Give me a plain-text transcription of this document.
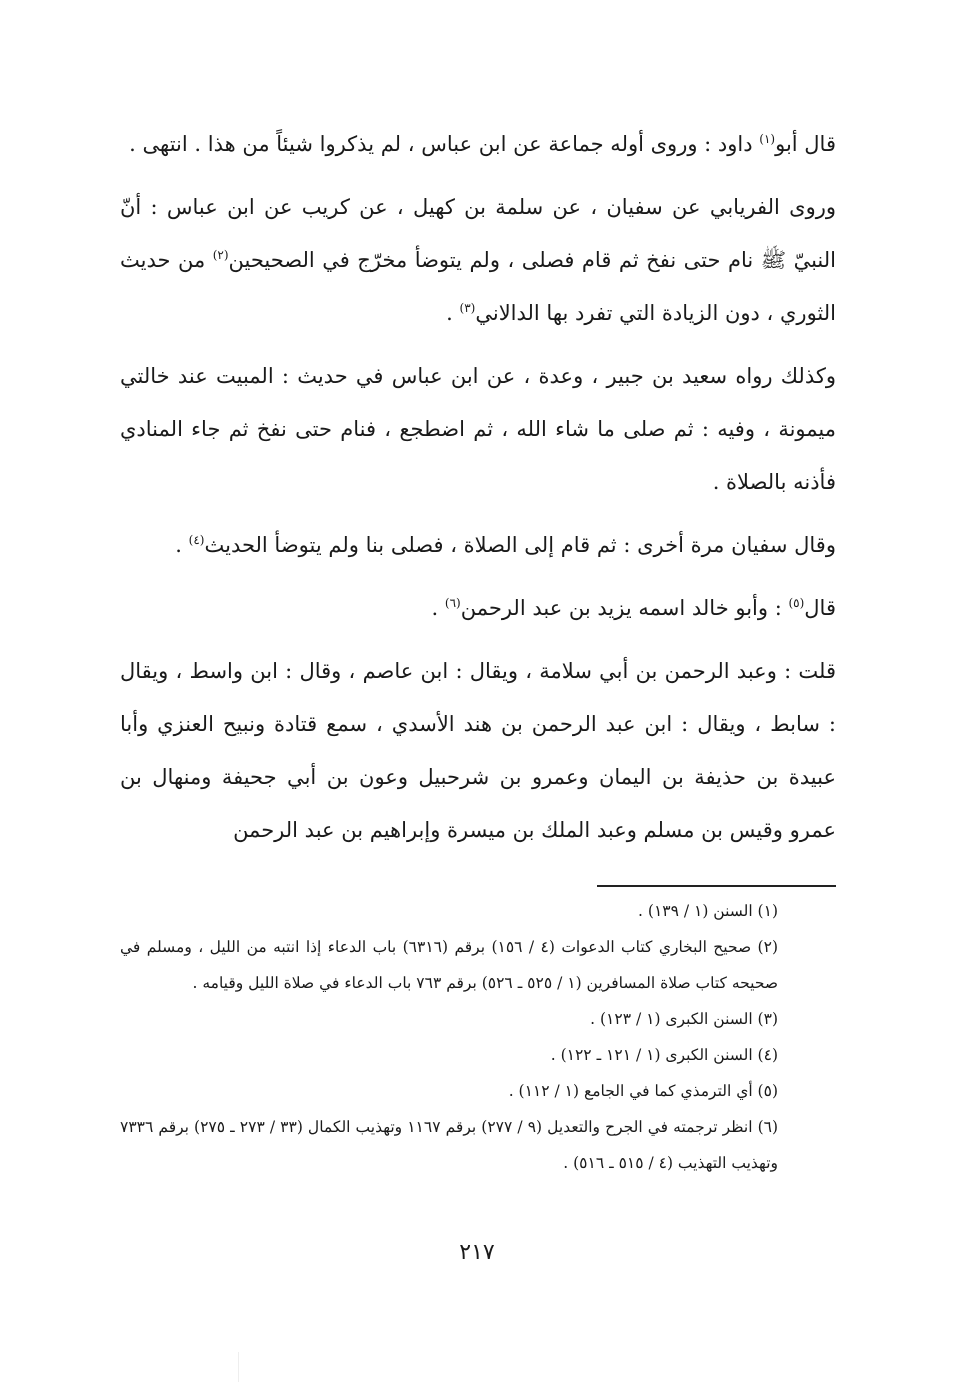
قال أبو$^{(١)}$ داود : وروى أوله جماعة عن ابن عباس ، لم يذكروا شيئاً من هذا . انتهى .

وروى الفريابي عن سفيان ، عن سلمة بن كهيل ، عن كريب عن ابن عباس : أنّ النبيّ ﷺ نام حتى نفخ ثم قام فصلى ، ولم يتوضأ مخرّج في الصحيحين$^{(٢)}$ من حديث الثوري ، دون الزيادة التي تفرد بها الدالاني$^{(٣)}$ .

وكذلك رواه سعيد بن جبير ، وعدة ، عن ابن عباس في حديث : المبيت عند خالتي ميمونة ، وفيه : ثم صلى ما شاء الله ، ثم اضطجع ، فنام حتى نفخ ثم جاء المنادي فأذنه بالصلاة .

وقال سفيان مرة أخرى : ثم قام إلى الصلاة ، فصلى بنا ولم يتوضأ الحديث$^{(٤)}$ .

قال$^{(٥)}$ : وأبو خالد اسمه يزيد بن عبد الرحمن$^{(٦)}$ .

قلت : وعبد الرحمن بن أبي سلامة ، ويقال : ابن عاصم ، وقال : ابن واسط ، ويقال : سابط ، ويقال : ابن عبد الرحمن بن هند الأسدي ، سمع قتادة ونبيح العنزي وأبا عبيدة بن حذيفة بن اليمان وعمرو بن شرحبيل وعون بن أبي جحيفة ومنهال بن عمرو وقيس بن مسلم وعبد الملك بن ميسرة وإبراهيم بن عبد الرحمن

(١) السنن (١ / ١٣٩) .

(٢) صحيح البخاري كتاب الدعوات (٤ / ١٥٦) برقم (٦٣١٦) باب الدعاء إذا انتبه من الليل ، ومسلم في صحيحه كتاب صلاة المسافرين (١ / ٥٢٥ ـ ٥٢٦) برقم ٧٦٣ باب الدعاء في صلاة الليل وقيامه .

(٣) السنن الكبرى (١ / ١٢٣) .

(٤) السنن الكبرى (١ / ١٢١ ـ ١٢٢) .

(٥) أي الترمذي كما في الجامع (١ / ١١٢) .

(٦) انظر ترجمته في الجرح والتعديل (٩ / ٢٧٧) برقم ١١٦٧ وتهذيب الكمال (٣٣ / ٢٧٣ ـ ٢٧٥) برقم ٧٣٣٦ وتهذيب التهذيب (٤ / ٥١٥ ـ ٥١٦) .

٢١٧
